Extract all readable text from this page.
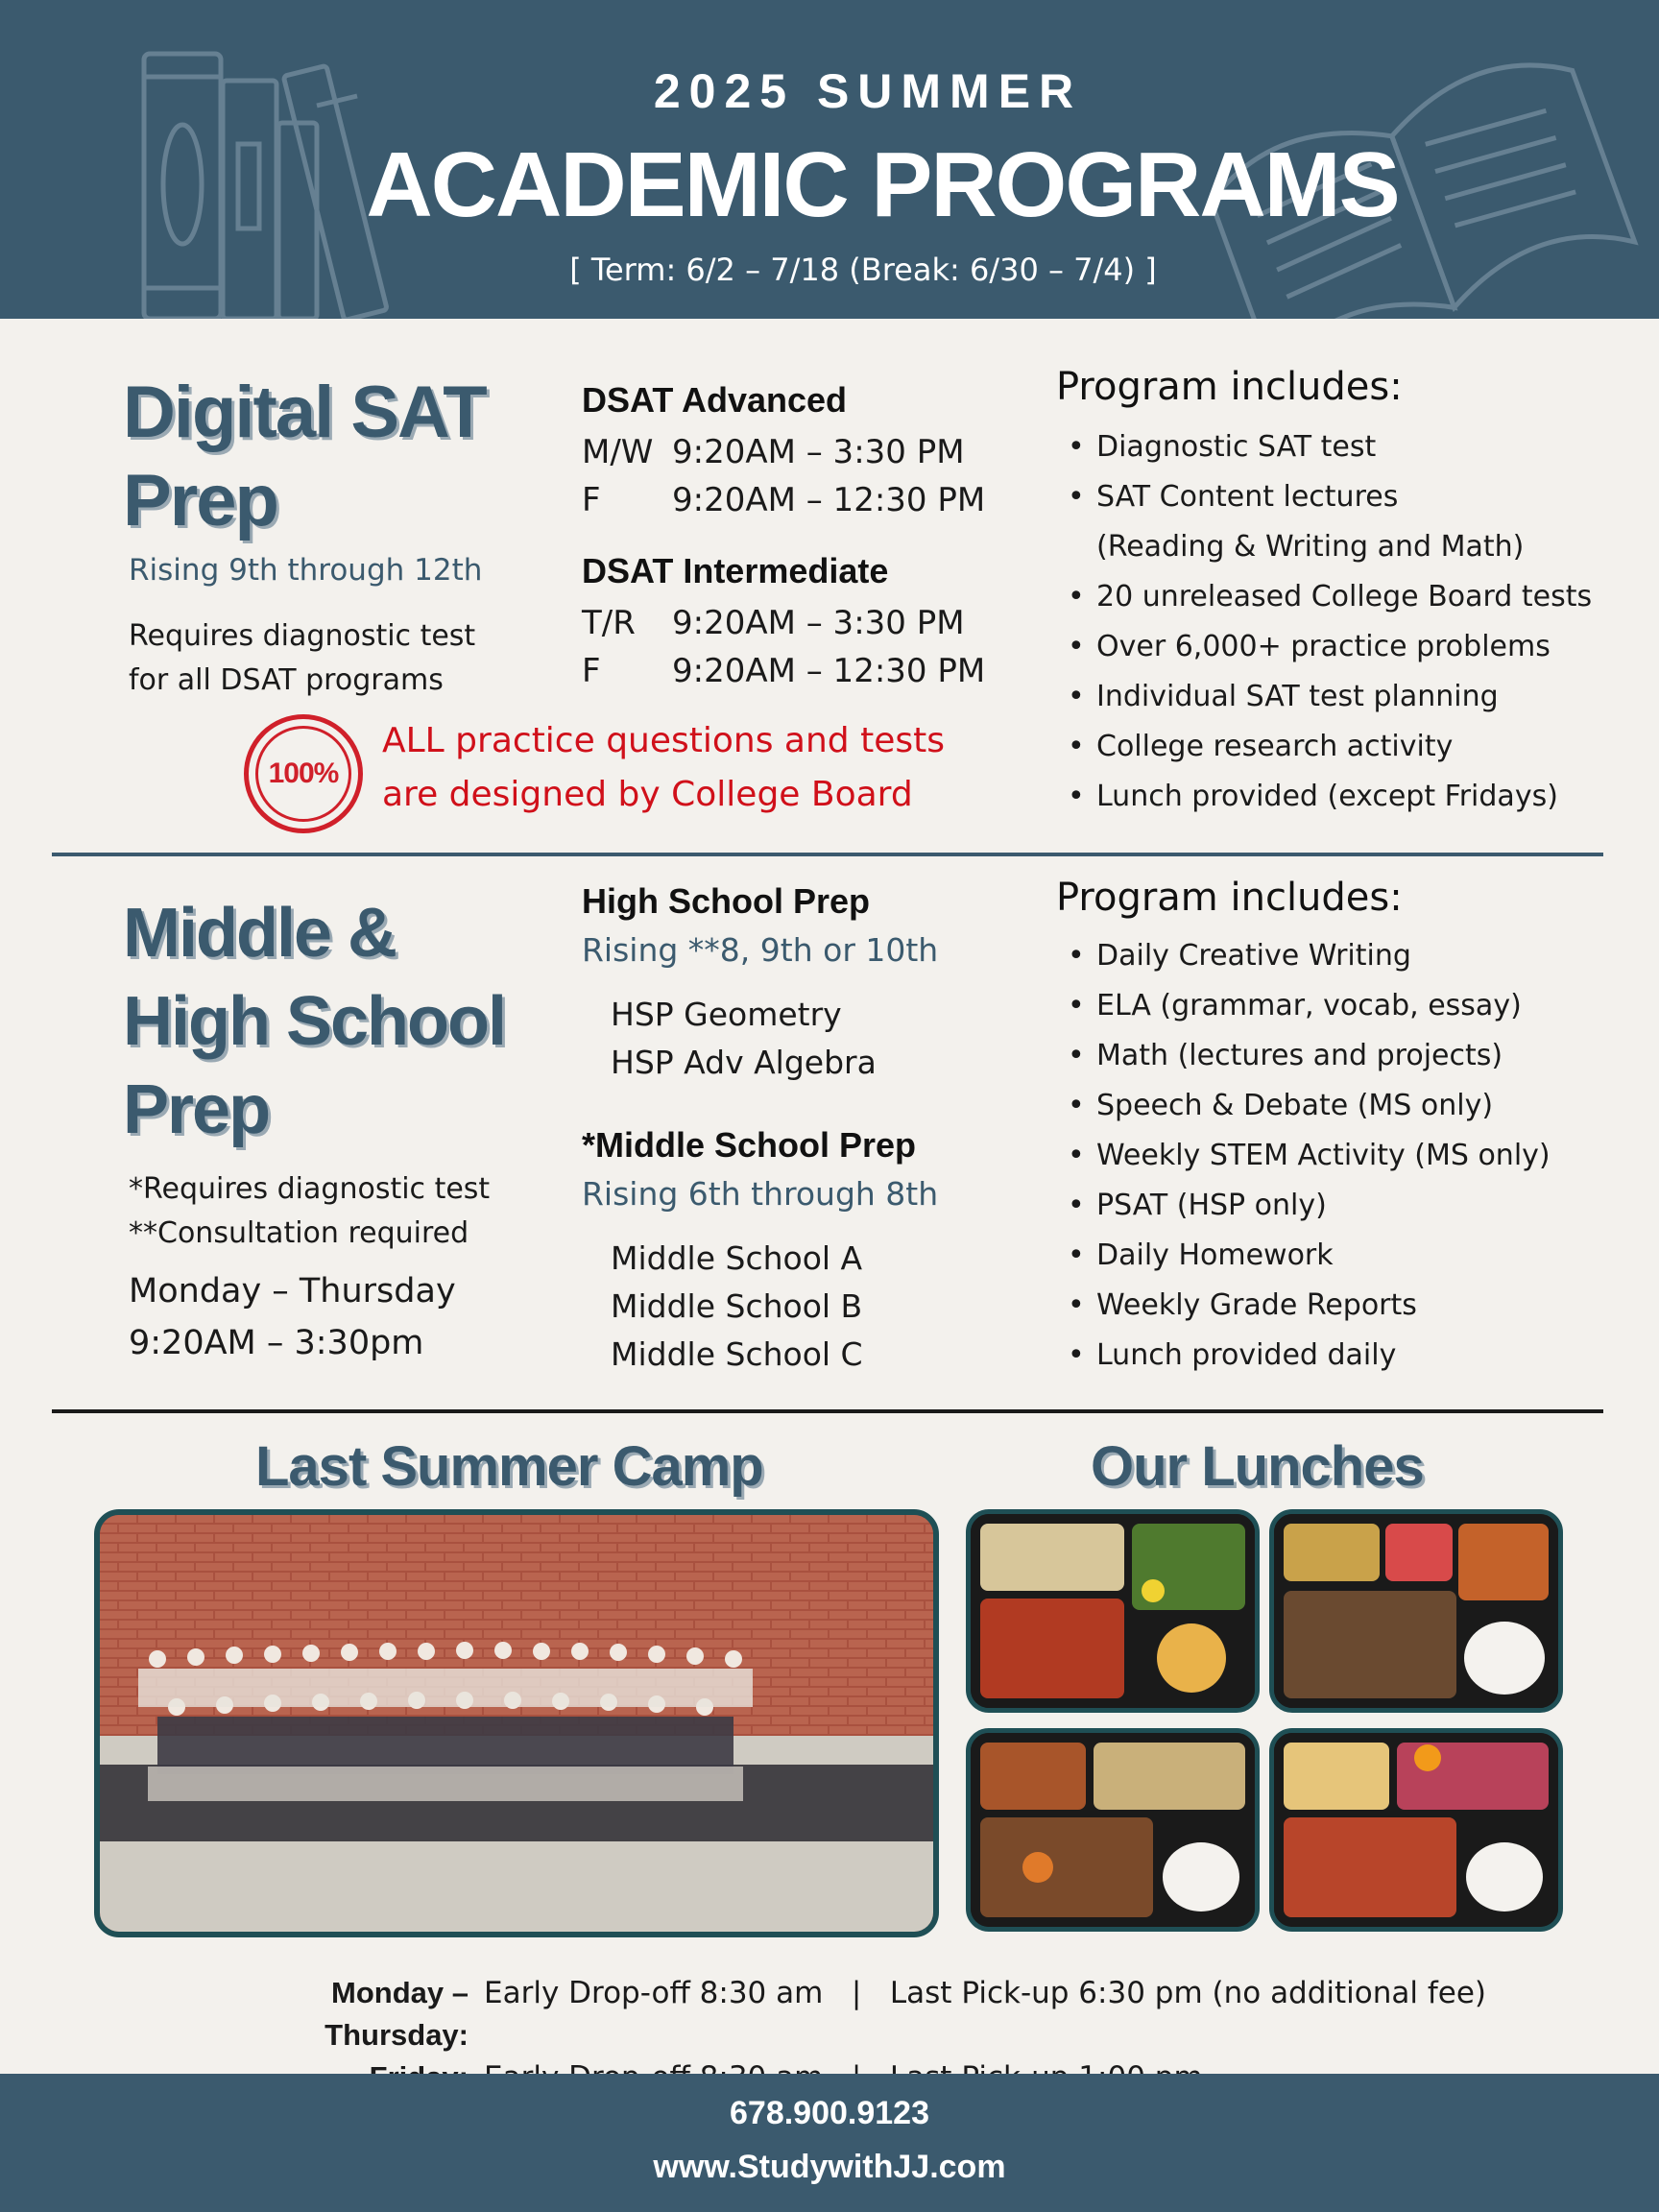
2025 SUMMER
ACADEMIC PROGRAMS
[ Term: 6/2 – 7/18 (Break: 6/30 – 7/4) ]
Digital SAT
Prep
Rising 9th through 12th
Requires diagnostic test
for all DSAT programs
DSAT Advanced
M/W 9:20AM – 3:30 PM
F	9:20AM – 12:30 PM
DSAT Intermediate
T/R	9:20AM – 3:30 PM
F	9:20AM – 12:30 PM
100%
ALL practice questions and tests
are designed by College Board
Program includes:
• Diagnostic SAT test
• SAT Content lectures
(Reading & Writing and Math)
• 20 unreleased College Board tests
• Over 6,000+ practice problems
• Individual SAT test planning
• College research activity
• Lunch provided (except Fridays)
Middle &
High School
Prep
*Requires diagnostic test
**Consultation required
Monday – Thursday
9:20AM – 3:30pm
High School Prep
Rising **8, 9th or 10th
HSP Geometry
HSP Adv Algebra
*Middle School Prep
Rising 6th through 8th
Middle School A
Middle School B
Middle School C
Program includes:
• Daily Creative Writing
• ELA (grammar, vocab, essay)
• Math (lectures and projects)
• Speech & Debate (MS only)
• Weekly STEM Activity (MS only)
• PSAT (HSP only)
• Daily Homework
• Weekly Grade Reports
• Lunch provided daily
Last Summer Camp	Our Lunches
Monday – Thursday:
Early Drop-off 8:30 am   |   Last Pick-up 6:30 pm (no additional fee)
678.900.9123
www.StudywithJJ.com
